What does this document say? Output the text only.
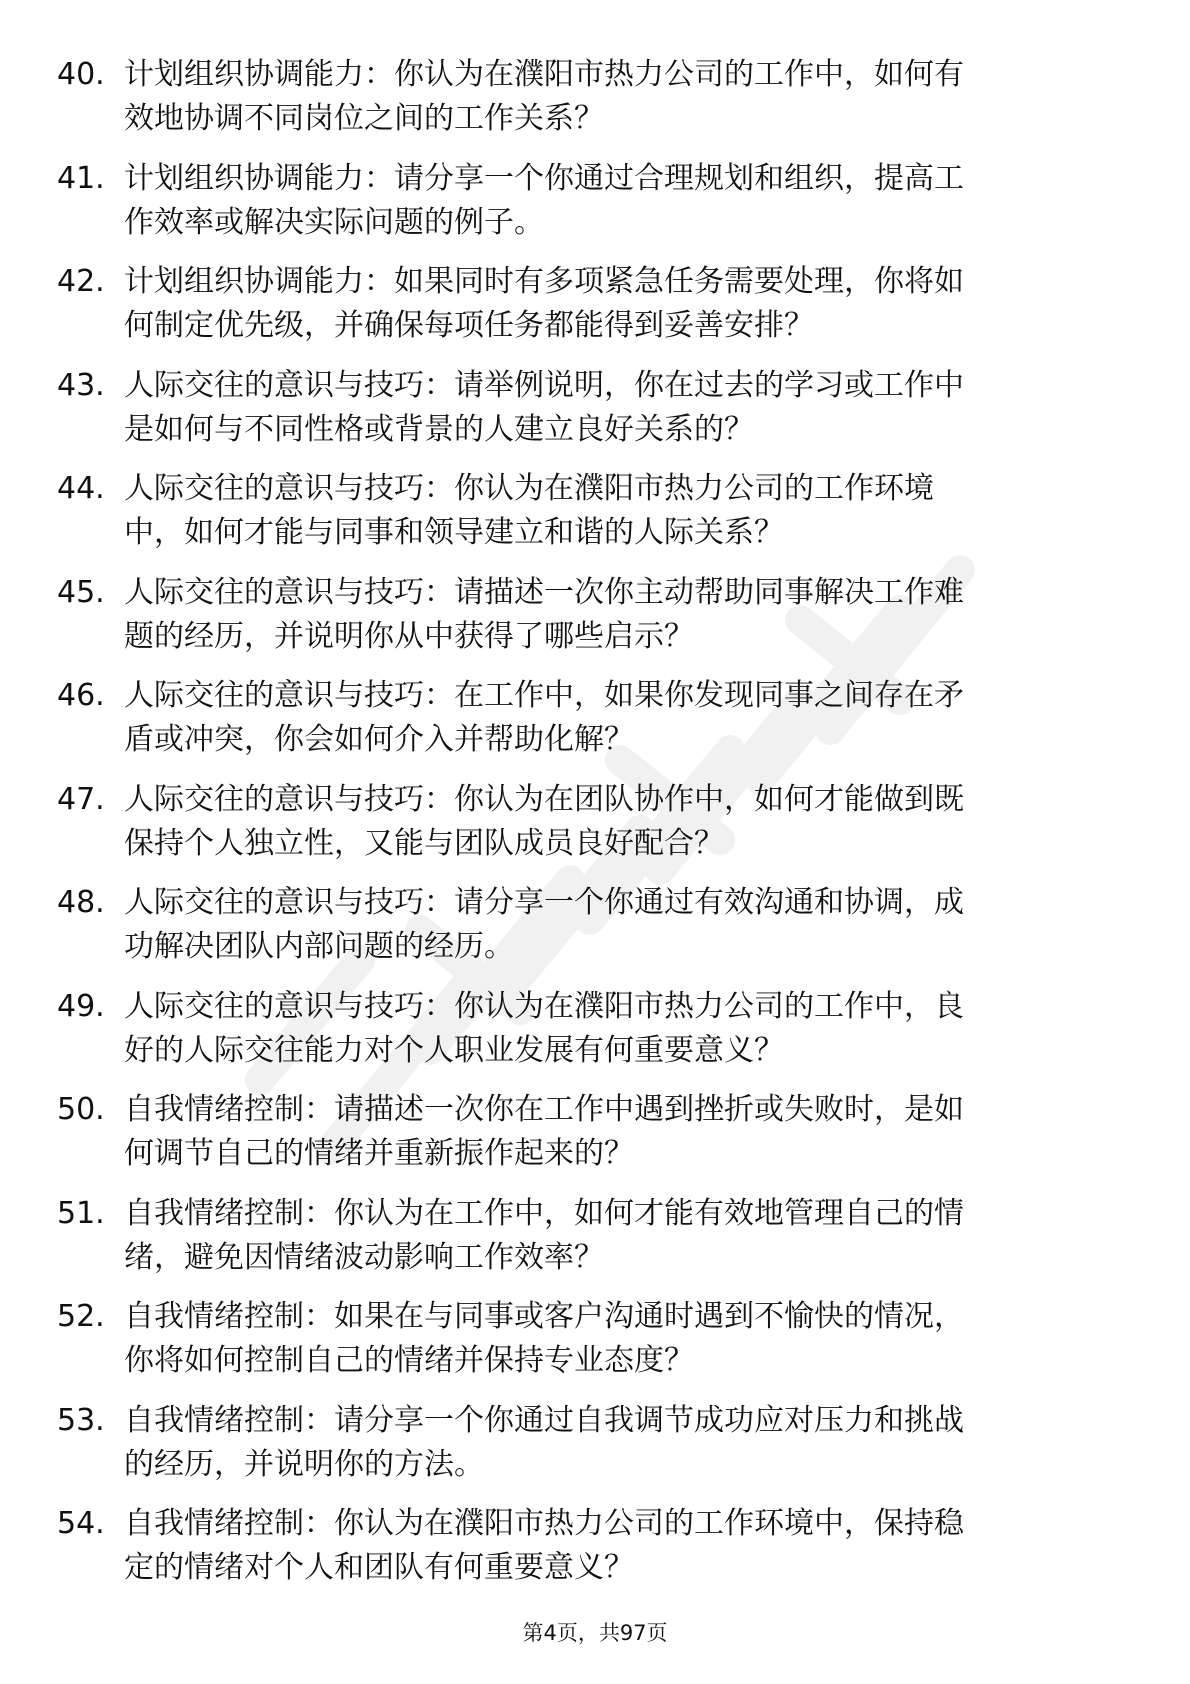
40. 计划组织协调能力：你认为在濮阳市热力公司的工作中，如何有
效地协调不同岗位之间的工作关系？
41. 计划组织协调能力：请分享一个你通过合理规划和组织，提高工
作效率或解决实际问题的例子。
42. 计划组织协调能力：如果同时有多项紧急任务需要处理，你将如
何制定优先级，并确保每项任务都能得到妥善安排？
43. 人际交往的意识与技巧：请举例说明，你在过去的学习或工作中
是如何与不同性格或背景的人建立良好关系的？
44. 人际交往的意识与技巧：你认为在濮阳市热力公司的工作环境
中，如何才能与同事和领导建立和谐的人际关系？
45. 人际交往的意识与技巧：请描述一次你主动帮助同事解决工作难
题的经历，并说明你从中获得了哪些启示？
46. 人际交往的意识与技巧：在工作中，如果你发现同事之间存在矛
盾或冲突，你会如何介入并帮助化解？
47. 人际交往的意识与技巧：你认为在团队协作中，如何才能做到既
保持个人独立性，又能与团队成员良好配合？
48. 人际交往的意识与技巧：请分享一个你通过有效沟通和协调，成
功解决团队内部问题的经历。
49. 人际交往的意识与技巧：你认为在濮阳市热力公司的工作中，良
好的人际交往能力对个人职业发展有何重要意义？
50. 自我情绪控制：请描述一次你在工作中遇到挫折或失败时，是如
何调节自己的情绪并重新振作起来的？
51. 自我情绪控制：你认为在工作中，如何才能有效地管理自己的情
绪，避免因情绪波动影响工作效率？
52. 自我情绪控制：如果在与同事或客户沟通时遇到不愉快的情况，
你将如何控制自己的情绪并保持专业态度？
53. 自我情绪控制：请分享一个你通过自我调节成功应对压力和挑战
的经历，并说明你的方法。
54. 自我情绪控制：你认为在濮阳市热力公司的工作环境中，保持稳
定的情绪对个人和团队有何重要意义？
第4页，共97页
